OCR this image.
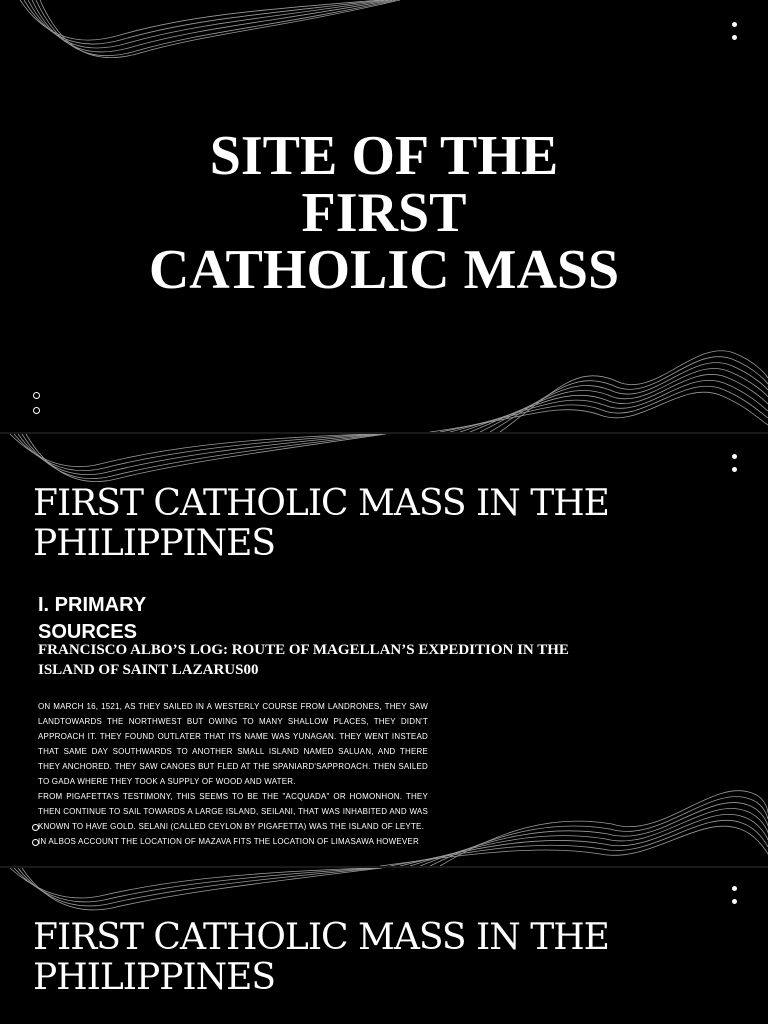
SITE OF THE
FIRST
CATHOLIC MASS
FIRST CATHOLIC MASS IN THE
PHILIPPINES
I. PRIMARY SOURCES
FRANCISCO ALBO’S LOG: ROUTE OF MAGELLAN’S EXPEDITION IN THE ISLAND OF SAINT LAZARUS00

ON MARCH 16, 1521, AS THEY SAILED IN A WESTERLY COURSE FROM LANDRONES, THEY SAW LANDTOWARDS THE NORTHWEST BUT OWING TO MANY SHALLOW PLACES, THEY DIDN'T APPROACH IT. THEY FOUND OUTLATER THAT ITS NAME WAS YUNAGAN. THEY WENT INSTEAD THAT SAME DAY SOUTHWARDS TO ANOTHER SMALL ISLAND NAMED SALUAN, AND THERE THEY ANCHORED. THEY SAW CANOES BUT FLED AT THE SPANIARD'SAPPROACH. THEN SAILED TO GADA WHERE THEY TOOK A SUPPLY OF WOOD AND WATER.

FROM PIGAFETTA'S TESTIMONY, THIS SEEMS TO BE THE "ACQUADA" OR HOMONHON. THEY THEN CONTINUE TO SAIL TOWARDS A LARGE ISLAND, SEILANI, THAT WAS INHABITED AND WAS KNOWN TO HAVE GOLD. SELANI (CALLED CEYLON BY PIGAFETTA) WAS THE ISLAND OF LEYTE.

IN ALBOS ACCOUNT THE LOCATION OF MAZAVA FITS THE LOCATION OF LIMASAWA HOWEVER

FIRST CATHOLIC MASS IN THE
PHILIPPINES
